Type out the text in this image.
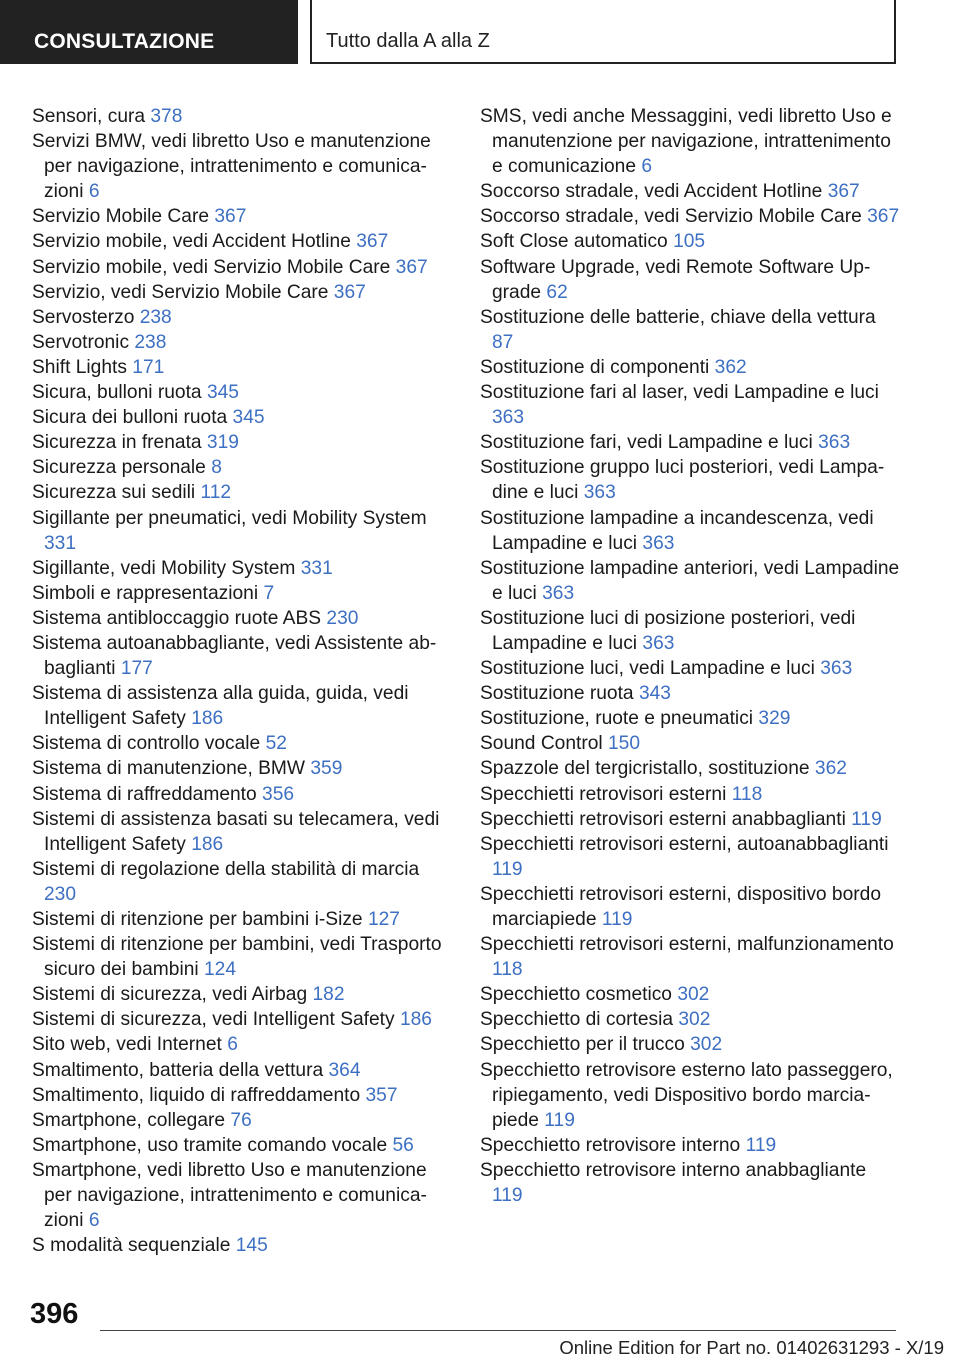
CONSULTAZIONE	Tutto dalla A alla Z
Sensori, cura 378
Servizi BMW, vedi libretto Uso e manutenzione per navigazione, intrattenimento e comunicazioni 6
Servizio Mobile Care 367
Servizio mobile, vedi Accident Hotline 367
Servizio mobile, vedi Servizio Mobile Care 367
Servizio, vedi Servizio Mobile Care 367
Servosterzo 238
Servotronic 238
Shift Lights 171
Sicura, bulloni ruota 345
Sicura dei bulloni ruota 345
Sicurezza in frenata 319
Sicurezza personale 8
Sicurezza sui sedili 112
Sigillante per pneumatici, vedi Mobility System 331
Sigillante, vedi Mobility System 331
Simboli e rappresentazioni 7
Sistema antibloccaggio ruote ABS 230
Sistema autoanabbagliante, vedi Assistente abbaglianti 177
Sistema di assistenza alla guida, guida, vedi Intelligent Safety 186
Sistema di controllo vocale 52
Sistema di manutenzione, BMW 359
Sistema di raffreddamento 356
Sistemi di assistenza basati su telecamera, vedi Intelligent Safety 186
Sistemi di regolazione della stabilità di marcia 230
Sistemi di ritenzione per bambini i-Size 127
Sistemi di ritenzione per bambini, vedi Trasporto sicuro dei bambini 124
Sistemi di sicurezza, vedi Airbag 182
Sistemi di sicurezza, vedi Intelligent Safety 186
Sito web, vedi Internet 6
Smaltimento, batteria della vettura 364
Smaltimento, liquido di raffreddamento 357
Smartphone, collegare 76
Smartphone, uso tramite comando vocale 56
Smartphone, vedi libretto Uso e manutenzione per navigazione, intrattenimento e comunicazioni 6
S modalità sequenziale 145
SMS, vedi anche Messaggini, vedi libretto Uso e manutenzione per navigazione, intrattenimento e comunicazione 6
Soccorso stradale, vedi Accident Hotline 367
Soccorso stradale, vedi Servizio Mobile Care 367
Soft Close automatico 105
Software Upgrade, vedi Remote Software Upgrade 62
Sostituzione delle batterie, chiave della vettura 87
Sostituzione di componenti 362
Sostituzione fari al laser, vedi Lampadine e luci 363
Sostituzione fari, vedi Lampadine e luci 363
Sostituzione gruppo luci posteriori, vedi Lampadine e luci 363
Sostituzione lampadine a incandescenza, vedi Lampadine e luci 363
Sostituzione lampadine anteriori, vedi Lampadine e luci 363
Sostituzione luci di posizione posteriori, vedi Lampadine e luci 363
Sostituzione luci, vedi Lampadine e luci 363
Sostituzione ruota 343
Sostituzione, ruote e pneumatici 329
Sound Control 150
Spazzole del tergicristallo, sostituzione 362
Specchietti retrovisori esterni 118
Specchietti retrovisori esterni anabbaglianti 119
Specchietti retrovisori esterni, autoanabbaglianti 119
Specchietti retrovisori esterni, dispositivo bordo marciapiede 119
Specchietti retrovisori esterni, malfunzionamento 118
Specchietto cosmetico 302
Specchietto di cortesia 302
Specchietto per il trucco 302
Specchietto retrovisore esterno lato passeggero, ripiegamento, vedi Dispositivo bordo marciapiede 119
Specchietto retrovisore interno 119
Specchietto retrovisore interno anabbagliante 119
396
Online Edition for Part no. 01402631293 - X/19
